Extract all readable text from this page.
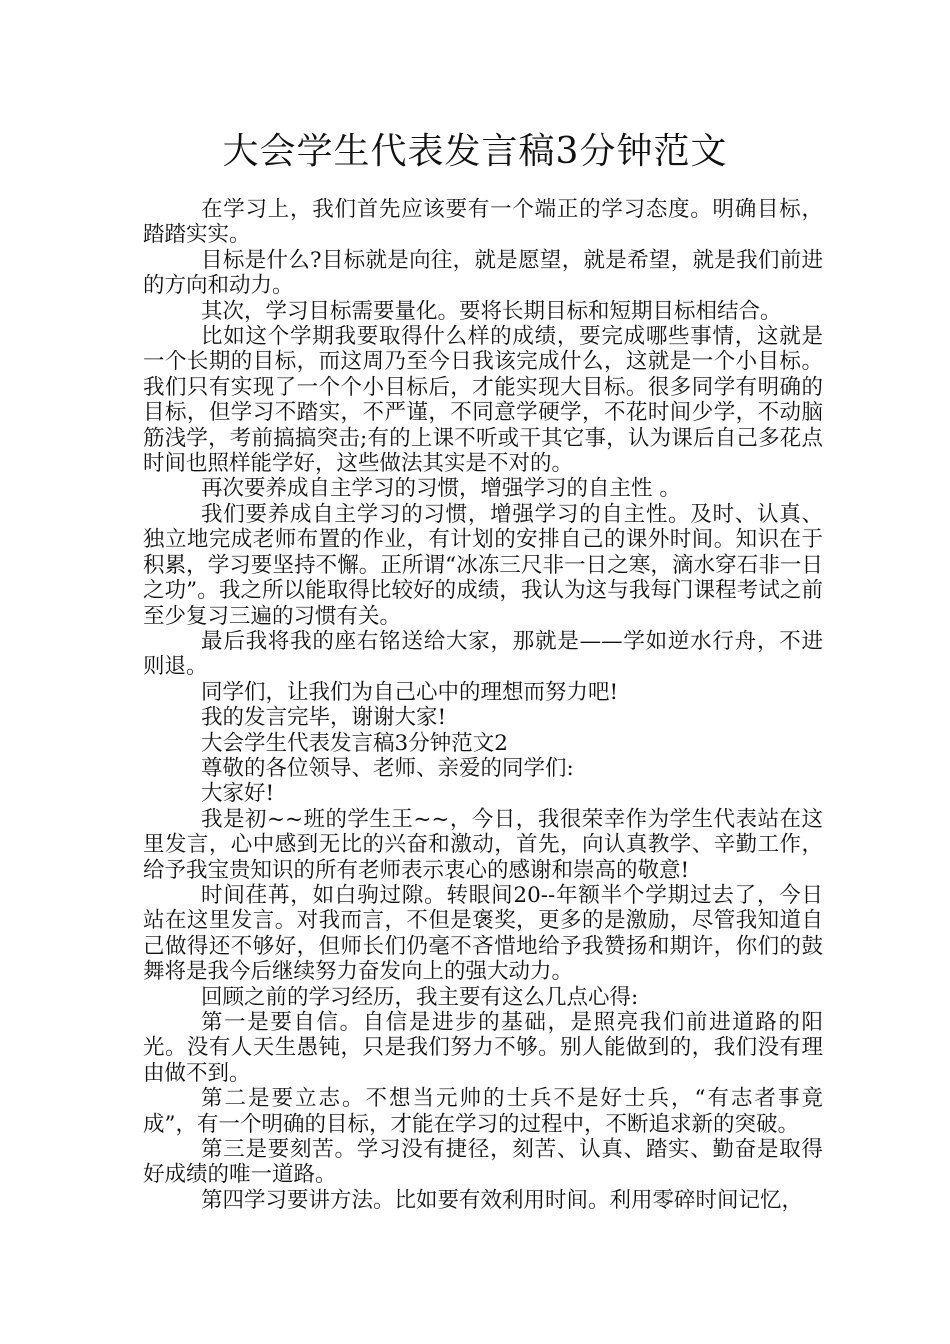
大会学生代表发言稿3分钟范文

在学习上，我们首先应该要有一个端正的学习态度。明确目标，踏踏实实。

目标是什么?目标就是向往，就是愿望，就是希望，就是我们前进的方向和动力。

其次，学习目标需要量化。要将长期目标和短期目标相结合。

比如这个学期我要取得什么样的成绩，要完成哪些事情，这就是一个长期的目标，而这周乃至今日我该完成什么，这就是一个小目标。我们只有实现了一个个小目标后，才能实现大目标。很多同学有明确的目标，但学习不踏实，不严谨，不同意学硬学，不花时间少学，不动脑筋浅学，考前搞搞突击;有的上课不听或干其它事，认为课后自己多花点时间也照样能学好，这些做法其实是不对的。

再次要养成自主学习的习惯，增强学习的自主性 。

我们要养成自主学习的习惯，增强学习的自主性。及时、认真、独立地完成老师布置的作业，有计划的安排自己的课外时间。知识在于积累，学习要坚持不懈。正所谓“冰冻三尺非一日之寒，滴水穿石非一日之功”。我之所以能取得比较好的成绩，我认为这与我每门课程考试之前至少复习三遍的习惯有关。

最后我将我的座右铭送给大家，那就是——学如逆水行舟，不进则退。

同学们，让我们为自己心中的理想而努力吧!

我的发言完毕，谢谢大家!

大会学生代表发言稿3分钟范文2

尊敬的各位领导、老师、亲爱的同学们:

大家好!

我是初~~班的学生王~~，今日，我很荣幸作为学生代表站在这里发言，心中感到无比的兴奋和激动，首先，向认真教学、辛勤工作，给予我宝贵知识的所有老师表示衷心的感谢和崇高的敬意!

时间荏苒，如白驹过隙。转眼间20--年额半个学期过去了，今日站在这里发言。对我而言，不但是褒奖，更多的是激励，尽管我知道自己做得还不够好，但师长们仍毫不吝惜地给予我赞扬和期许，你们的鼓舞将是我今后继续努力奋发向上的强大动力。

回顾之前的学习经历，我主要有这么几点心得:

第一是要自信。自信是进步的基础，是照亮我们前进道路的阳光。没有人天生愚钝，只是我们努力不够。别人能做到的，我们没有理由做不到。

第二是要立志。不想当元帅的士兵不是好士兵，“有志者事竟成”，有一个明确的目标，才能在学习的过程中，不断追求新的突破。

第三是要刻苦。学习没有捷径，刻苦、认真、踏实、勤奋是取得好成绩的唯一道路。

第四学习要讲方法。比如要有效利用时间。利用零碎时间记忆，
